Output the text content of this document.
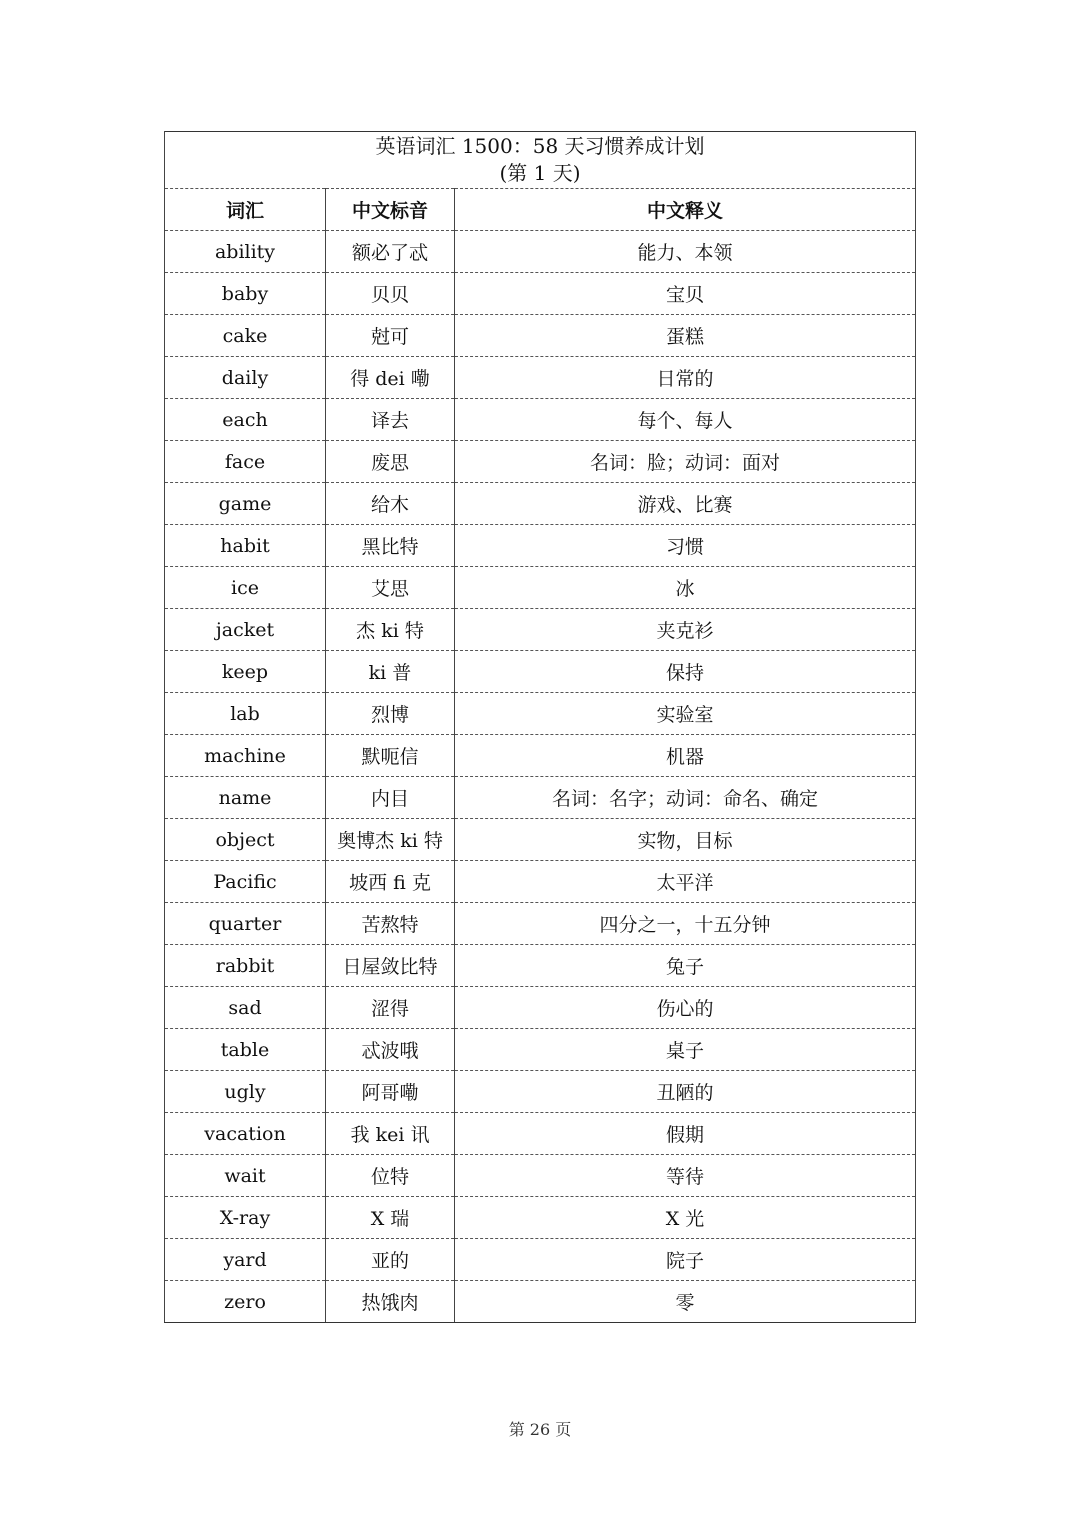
英语词汇 1500：58 天习惯养成计划
(第 1 天)		

词汇	中文标音	中文释义
ability	额必了忒	能力、本领
baby	贝贝	宝贝
cake	尅可	蛋糕
daily	得 dei 嘞	日常的
each	译去	每个、每人
face	废思	名词：脸；动词：面对
game	给木	游戏、比赛
habit	黑比特	习惯
ice	艾思	冰
jacket	杰 ki 特	夹克衫
keep	ki 普	保持
lab	烈博	实验室
machine	默呃信	机器
name	内目	名词：名字；动词：命名、确定
object	奥博杰 ki 特	实物，目标
Pacific	坡西 fi 克	太平洋
quarter	苦熬特	四分之一，十五分钟
rabbit	日屋敛比特	兔子
sad	涩得	伤心的
table	忒波哦	桌子
ugly	阿哥嘞	丑陋的
vacation	我 kei 讯	假期
wait	位特	等待
X-ray	X 瑞	X 光
yard	亚的	院子
zero	热饿肉	零
第 26 页
